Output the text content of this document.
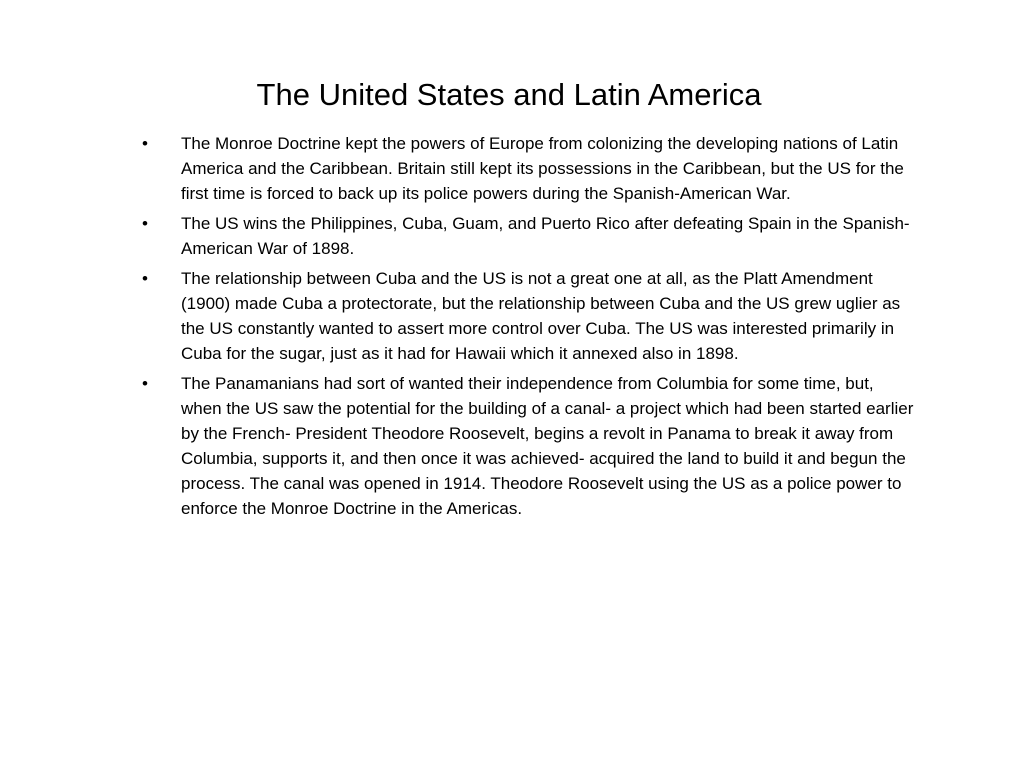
The United States and Latin America
• The Monroe Doctrine kept the powers of Europe from colonizing the developing nations of Latin America and the Caribbean. Britain still kept its possessions in the Caribbean, but the US for the first time is forced to back up its police powers during the Spanish-American War.
• The US wins the Philippines, Cuba, Guam, and Puerto Rico after defeating Spain in the Spanish-American War of 1898.
• The relationship between Cuba and the US is not a great one at all, as the Platt Amendment (1900) made Cuba a protectorate, but the relationship between Cuba and the US grew uglier as the US constantly wanted to assert more control over Cuba. The US was interested primarily in Cuba for the sugar, just as it had for Hawaii which it annexed also in 1898.
• The Panamanians had sort of wanted their independence from Columbia for some time, but, when the US saw the potential for the building of a canal- a project which had been started earlier by the French- President Theodore Roosevelt, begins a revolt in Panama to break it away from Columbia, supports it, and then once it was achieved- acquired the land to build it and begun the process. The canal was opened in 1914. Theodore Roosevelt using the US as a police power to enforce the Monroe Doctrine in the Americas.
